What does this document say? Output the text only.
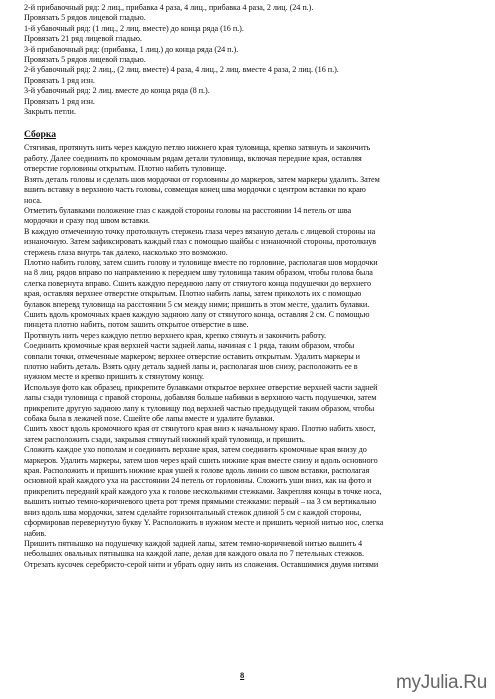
2-й прибавочный ряд: 2 лиц., прибавка 4 раза, 4 лиц., прибавка 4 раза, 2 лиц. (24 п.).
Провязать 5 рядов лицевой гладью.
1-й убавочный ряд: (1 лиц., 2 лиц. вместе) до конца ряда (16 п.).
Провязать 21 ряд лицевой гладью.
3-й прибавочный ряд: (прибавка, 1 лиц.) до конца ряда (24 п.).
Провязать 5 рядов лицевой гладью.
2-й убавочный ряд: 2 лиц., (2 лиц. вместе) 4 раза, 4 лиц., 2 лиц. вместе 4 раза, 2 лиц. (16 п.).
Провязать 1 ряд изн.
3-й убавочный ряд: 2 лиц. вместе до конца ряда (8 п.).
Провязать 1 ряд изн.
Закрыть петли.
Сборка
Стягивая, протянуть нить через каждую петлю нижнего края туловища, крепко затянуть и закончить
работу. Далее соединить по кромочным рядам детали туловища, включая передние края, оставляя
отверстие горловины открытым. Плотно набить туловище.
Взять деталь головы и сделать шов мордочки от горловины до маркеров, затем маркеры удалить. Затем
вшить вставку в верхнюю часть головы, совмещая конец шва мордочки с центром вставки по краю
носа.
Отметить булавками положение глаз с каждой стороны головы на расстоянии 14 петель от шва
мордочки и сразу под швом вставки.
В каждую отмеченную точку протолкнуть стержень глаза через вязаную деталь с лицевой стороны на
изнаночную. Затем зафиксировать каждый глаз с помощью шайбы с изнаночной стороны, протолкнув
стержень глаза внутрь так далеко, насколько это возможно.
Плотно набить голову, затем сшить голову и туловище вместе по горловине, располагая шов мордочки
на 8 лиц. рядов вправо по направлению к переднем шву туловища таким образом, чтобы голова была
слегка повернута вправо. Сшить каждую переднюю лапу от стянутого конца подушечки до верхнего
края, оставляя верхнее отверстие открытым. Плотно набить лапы, затем приколоть их с помощью
булавок вперевд туловища на расстоянии 5 см между ними; пришить в этом месте, удалить булавки.
Сшить вдоль кромочных краев каждую заднюю лапу от стянутого конца, оставляя 2 см. С помощью
пинцета плотно набить, потом зашить открытое отверстие в шве.
Протянуть нить через каждую петлю верхнего края, крепко стянуть и закончить работу.
Соединить кромочные края верхней части задней лапы, начиная с 1 ряда, таким образом, чтобы
совпали точки, отмеченные маркером; верхнее отверстие оставить открытым. Удалить маркеры и
плотно набить деталь. Взять одну деталь задней лапы и, располагая шов снизу, расположить ее в
нужном месте и крепко пришить к стянутому концу.
Используя фото как образец, прикрепите булавками открытое верхнее отверстие верхней части задней
лапы сзади туловища с правой стороны, добавляя больше набивки в верхнюю часть подушечки, затем
прикрепите другую заднюю лапу к туловищу под верхней частью предыдущей таким образом, чтобы
собака была в лежачей позе. Сшейте обе лапы вместе и удалите булавки.
Сшить хвост вдоль кромочного края от стянутого края вниз к начальному краю. Плотно набить хвост,
затем расположить сзади, закрывая стянутый нижний край туловища, и пришить.
Сложить каждое ухо пополам и соединить верхние края, затем соединить кромочные края внизу до
маркеров. Удалить маркеры, затем шов через край сшить нижние края вместе снизу и вдоль основного
края. Расположить и пришить нижние края ушей к голове вдоль линии со швом вставки, располагая
основной край каждого уха на расстоянии 24 петель от горловины. Сложить уши вниз, как на фото и
прикрепить передний край каждого уха к голове несколькими стежками. Закрепляя концы в точке носа,
вышить нитью темно-коричневого цвета рот тремя прямыми стежками: первый – на 3 см вертикально
вниз вдоль шва мордочки, затем сделайте горизонтальный стежок длиной 5 см с каждой стороны,
сформировав перевернутую букву Y. Расположить в нужном месте и пришить черной нитью нос, слегка
набив.
Пришить пятнышко на подушечку каждой задней лапы, затем темно-коричневой нитью вышить 4
небольших овальных пятнышка на каждой лапе, делая для каждого овала по 7 петельных стежков.
Отрезать кусочек серебристо-серой нити и убрать одну нить из сложения. Оставшимися двумя нитями
8	myJulia.Ru
